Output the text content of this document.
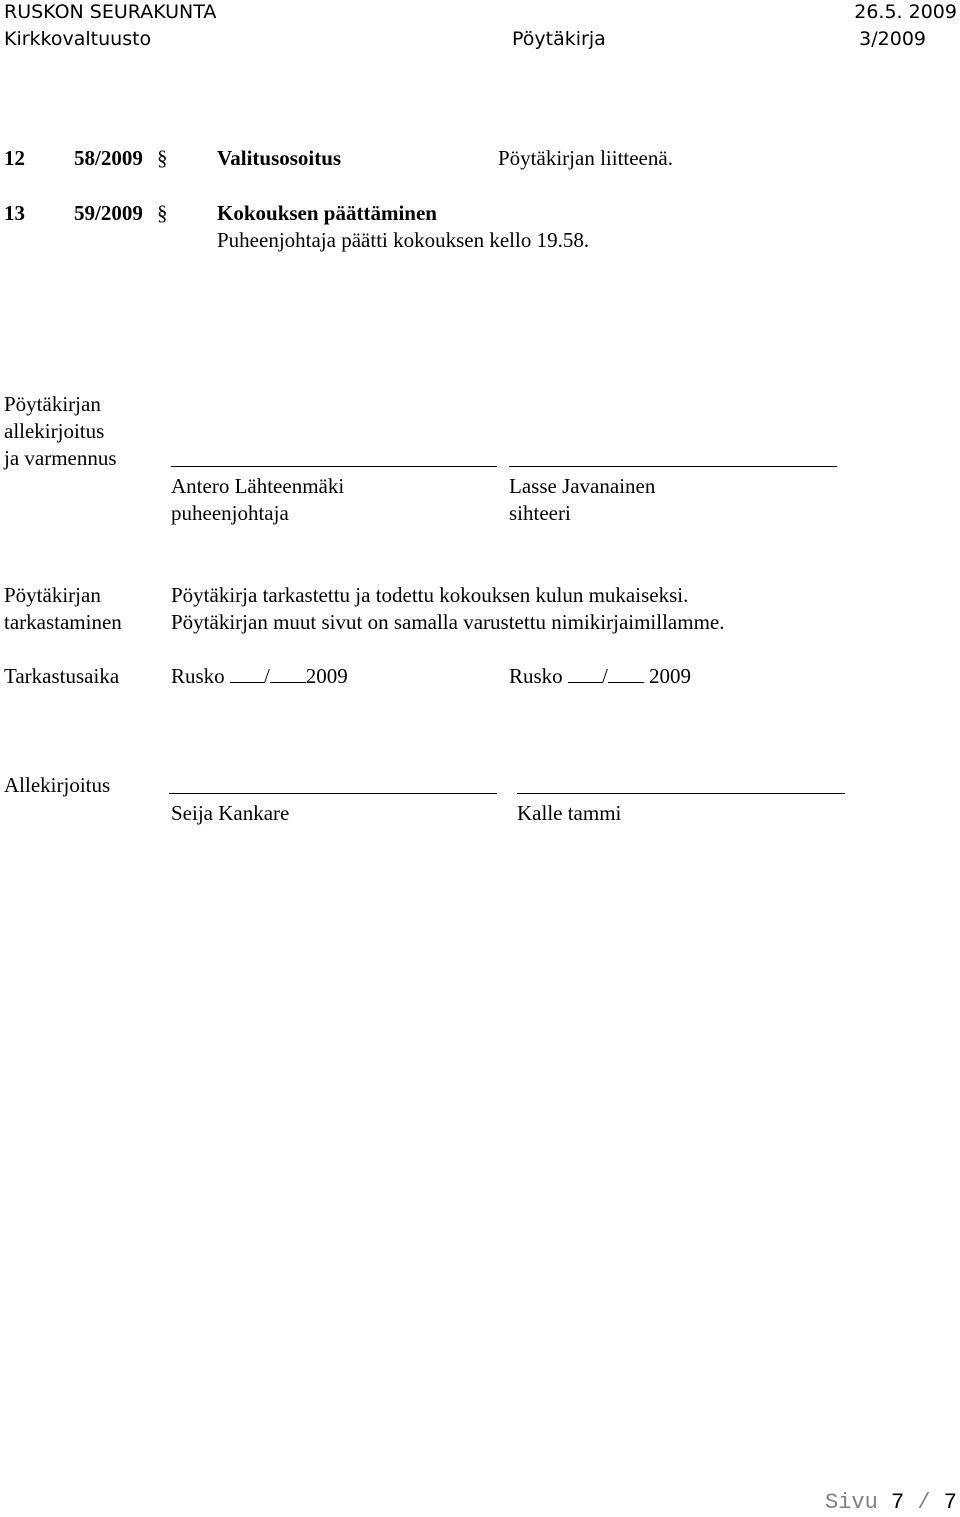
RUSKON SEURAKUNTA	26.5. 2009
Kirkkovaltuusto	Pöytäkirja	3/2009
12 58/2009 § Valitusosoitus	Pöytäkirjan liitteenä.
13 59/2009 § Kokouksen päättäminen
Puheenjohtaja päätti kokouksen kello 19.58.
Pöytäkirjan
allekirjoitus
ja varmennus
Antero Lähteenmäki	Lasse Javanainen
puheenjohtaja	sihteeri
Pöytäkirjan
tarkastaminen
Pöytäkirja tarkastettu ja todettu kokouksen kulun mukaiseksi.
Pöytäkirjan muut sivut on samalla varustettu nimikirjaimillamme.
Tarkastusaika Rusko / 2009	Rusko / 2009
Allekirjoitus
Seija Kankare	Kalle tammi
Sivu 7 / 7
